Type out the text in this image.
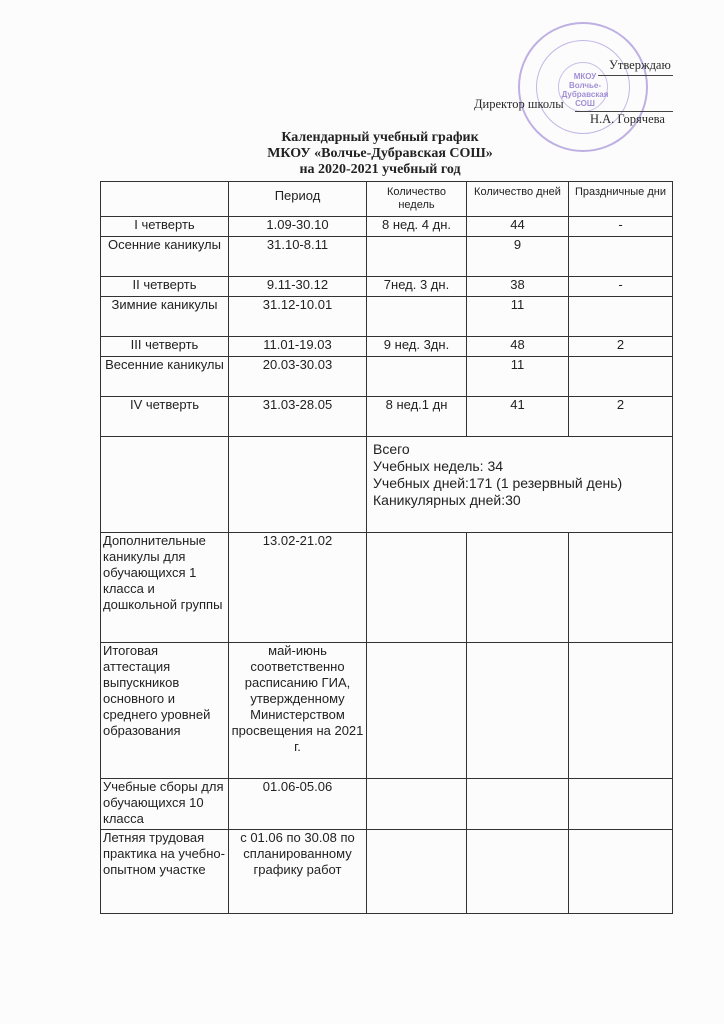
МКОУ Волчье-Дубравская СОШ
Утверждаю
Директор школы
Н.А. Горячева
Календарный учебный график
МКОУ «Волчье-Дубравская СОШ»
на 2020-2021 учебный год
	Период	Количество недель	Количество дней	Праздничные дни
I четверть	1.09-30.10	8 нед. 4 дн.	44	-
Осенние каникулы	31.10-8.11		9	
II четверть	9.11-30.12	7нед. 3 дн.	38	-
Зимние каникулы	31.12-10.01		11	
III четверть	11.01-19.03	9 нед. 3дн.	48	2
Весенние каникулы	20.03-30.03		11	
IV четверть	31.03-28.05	8 нед.1 дн	41	2

		Всего
Учебных недель: 34
Учебных дней:171 (1 резервный день)
Каникулярных дней:30		

Дополнительные каникулы для обучающихся 1 класса и дошкольной группы	13.02-21.02			
Итоговая аттестация выпускников основного и среднего уровней образования	май-июнь соответственно расписанию ГИА, утвержденному Министерством просвещения на 2021 г.			
Учебные сборы для обучающихся 10 класса	01.06-05.06			
Летняя трудовая практика на учебно-опытном участке	с 01.06 по 30.08 по спланированному графику работ			
